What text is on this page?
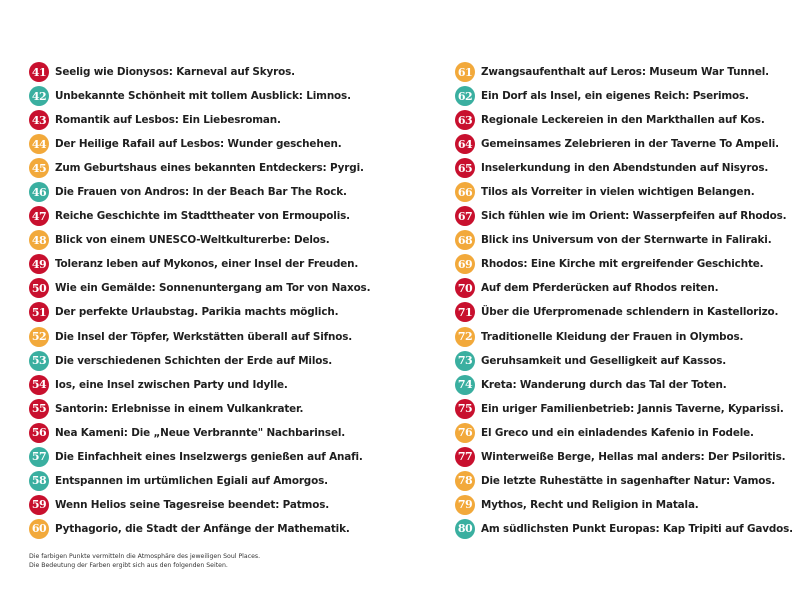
41 Seelig wie Dionysos: Karneval auf Skyros.
42 Unbekannte Schönheit mit tollem Ausblick: Limnos.
43 Romantik auf Lesbos: Ein Liebesroman.
44 Der Heilige Rafail auf Lesbos: Wunder geschehen.
45 Zum Geburtshaus eines bekannten Entdeckers: Pyrgi.
46 Die Frauen von Andros: In der Beach Bar The Rock.
47 Reiche Geschichte im Stadttheater von Ermoupolis.
48 Blick von einem UNESCO-Weltkulturerbe: Delos.
49 Toleranz leben auf Mykonos, einer Insel der Freuden.
50 Wie ein Gemälde: Sonnenuntergang am Tor von Naxos.
51 Der perfekte Urlaubstag. Parikia machts möglich.
52 Die Insel der Töpfer, Werkstätten überall auf Sifnos.
53 Die verschiedenen Schichten der Erde auf Milos.
54 Ios, eine Insel zwischen Party und Idylle.
55 Santorin: Erlebnisse in einem Vulkankrater.
56 Nea Kameni: Die „Neue Verbrannte" Nachbarinsel.
57 Die Einfachheit eines Inselzwergs genießen auf Anafi.
58 Entspannen im urtümlichen Egiali auf Amorgos.
59 Wenn Helios seine Tagesreise beendet: Patmos.
60 Pythagorio, die Stadt der Anfänge der Mathematik.
61 Zwangsaufenthalt auf Leros: Museum War Tunnel.
62 Ein Dorf als Insel, ein eigenes Reich: Pserimos.
63 Regionale Leckereien in den Markthallen auf Kos.
64 Gemeinsames Zelebrieren in der Taverne To Ampeli.
65 Inselerkundung in den Abendstunden auf Nisyros.
66 Tilos als Vorreiter in vielen wichtigen Belangen.
67 Sich fühlen wie im Orient: Wasserpfeifen auf Rhodos.
68 Blick ins Universum von der Sternwarte in Faliraki.
69 Rhodos: Eine Kirche mit ergreifender Geschichte.
70 Auf dem Pferderücken auf Rhodos reiten.
71 Über die Uferpromenade schlendern in Kastellorizo.
72 Traditionelle Kleidung der Frauen in Olymbos.
73 Geruhsamkeit und Geselligkeit auf Kassos.
74 Kreta: Wanderung durch das Tal der Toten.
75 Ein uriger Familienbetrieb: Jannis Taverne, Kyparissi.
76 El Greco und ein einladendes Kafenio in Fodele.
77 Winterweiße Berge, Hellas mal anders: Der Psiloritis.
78 Die letzte Ruhestätte in sagenhafter Natur: Vamos.
79 Mythos, Recht und Religion in Matala.
80 Am südlichsten Punkt Europas: Kap Tripiti auf Gavdos.
Die farbigen Punkte vermitteln die Atmosphäre des jeweiligen Soul Places.
Die Bedeutung der Farben ergibt sich aus den folgenden Seiten.
